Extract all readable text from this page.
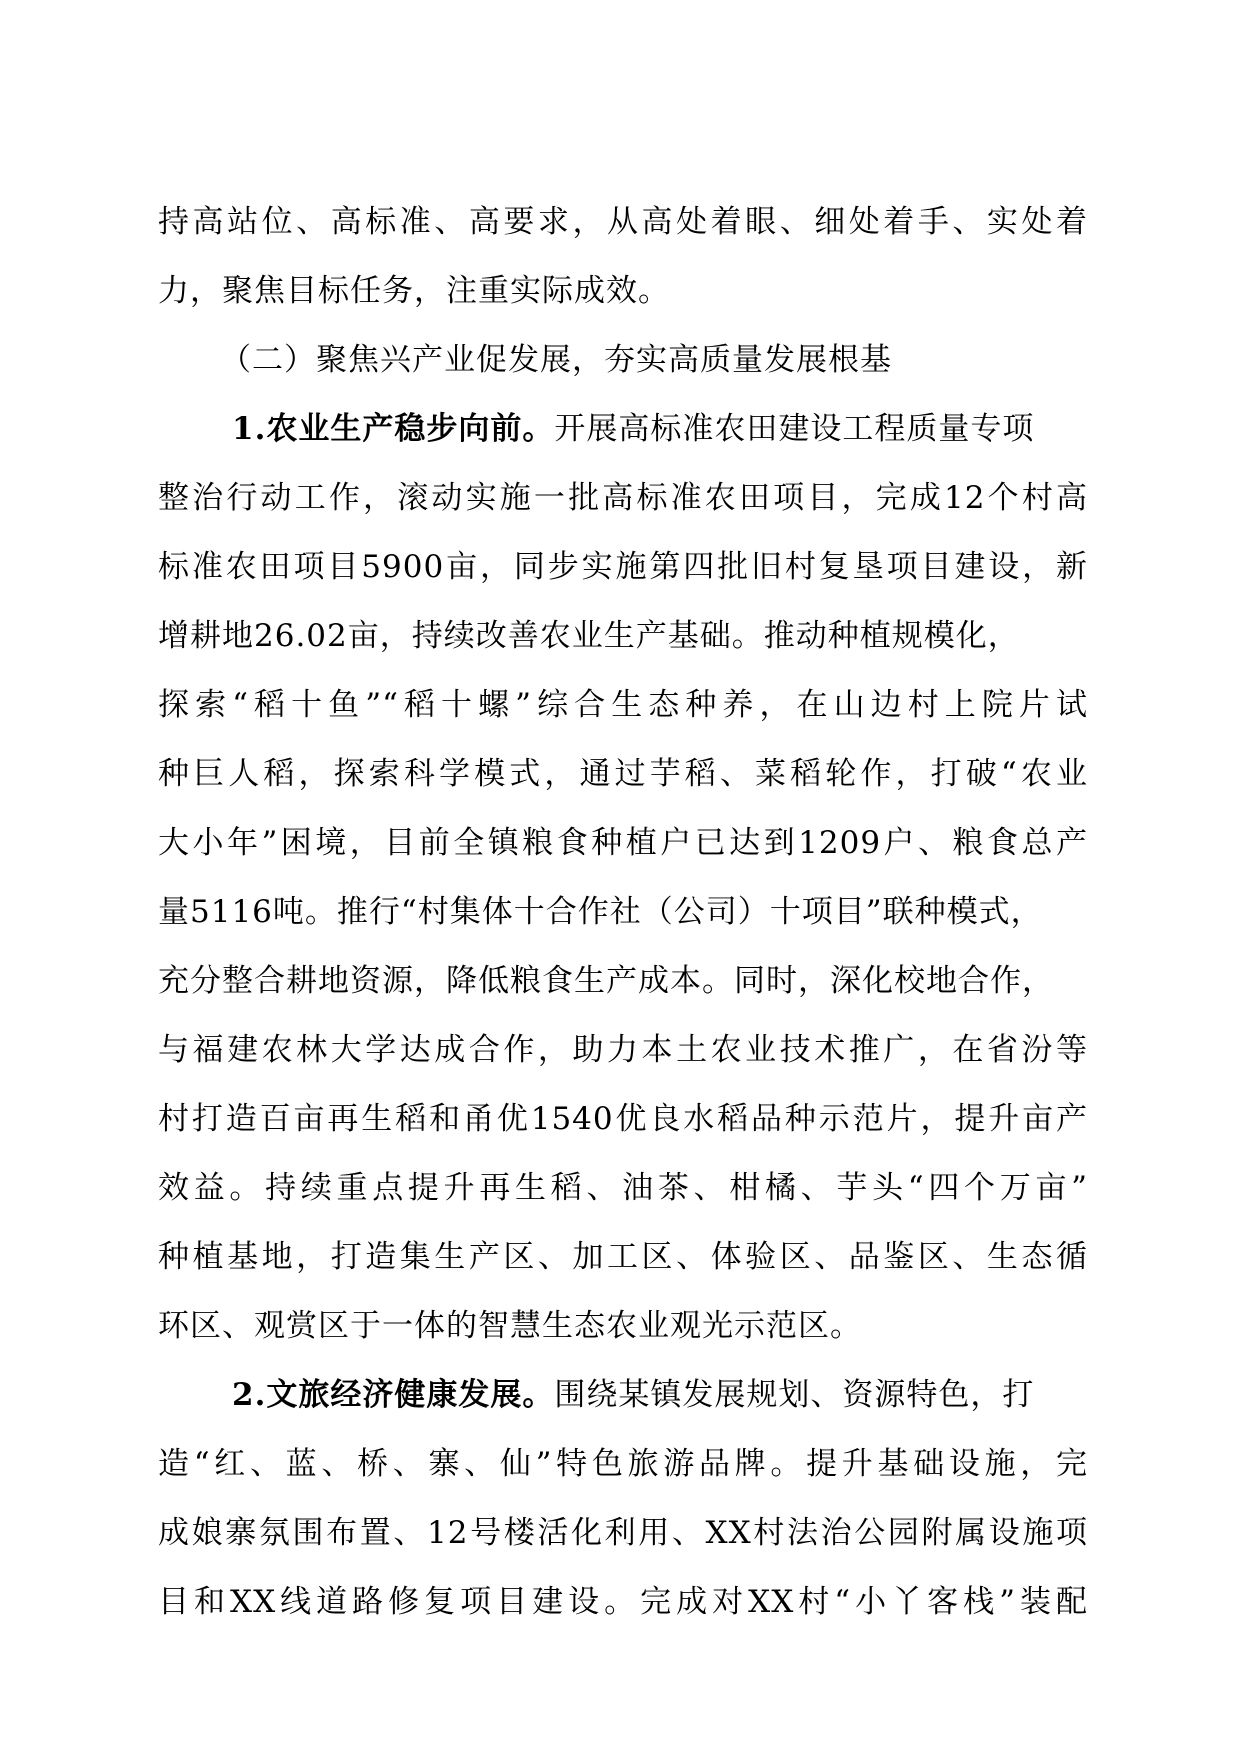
持高站位、高标准、高要求，从高处着眼、细处着手、实处着
力，聚焦目标任务，注重实际成效。
（二）聚焦兴产业促发展，夯实高质量发展根基
1.农业生产稳步向前。开展高标准农田建设工程质量专项
整治行动工作，滚动实施一批高标准农田项目，完成12个村高
标准农田项目5900亩，同步实施第四批旧村复垦项目建设，新
增耕地26.02亩，持续改善农业生产基础。推动种植规模化，
探索“稻十鱼”“稻十螺”综合生态种养，在山边村上院片试
种巨人稻，探索科学模式，通过芋稻、菜稻轮作，打破“农业
大小年”困境，目前全镇粮食种植户已达到1209户、粮食总产
量5116吨。推行“村集体十合作社（公司）十项目”联种模式，
充分整合耕地资源，降低粮食生产成本。同时，深化校地合作，
与福建农林大学达成合作，助力本土农业技术推广，在省汾等
村打造百亩再生稻和甬优1540优良水稻品种示范片，提升亩产
效益。持续重点提升再生稻、油茶、柑橘、芋头“四个万亩”
种植基地，打造集生产区、加工区、体验区、品鉴区、生态循
环区、观赏区于一体的智慧生态农业观光示范区。
2.文旅经济健康发展。围绕某镇发展规划、资源特色，打
造“红、蓝、桥、寨、仙”特色旅游品牌。提升基础设施，完
成娘寨氛围布置、12号楼活化利用、XX村法治公园附属设施项
目和XX线道路修复项目建设。完成对XX村“小丫客栈”装配
